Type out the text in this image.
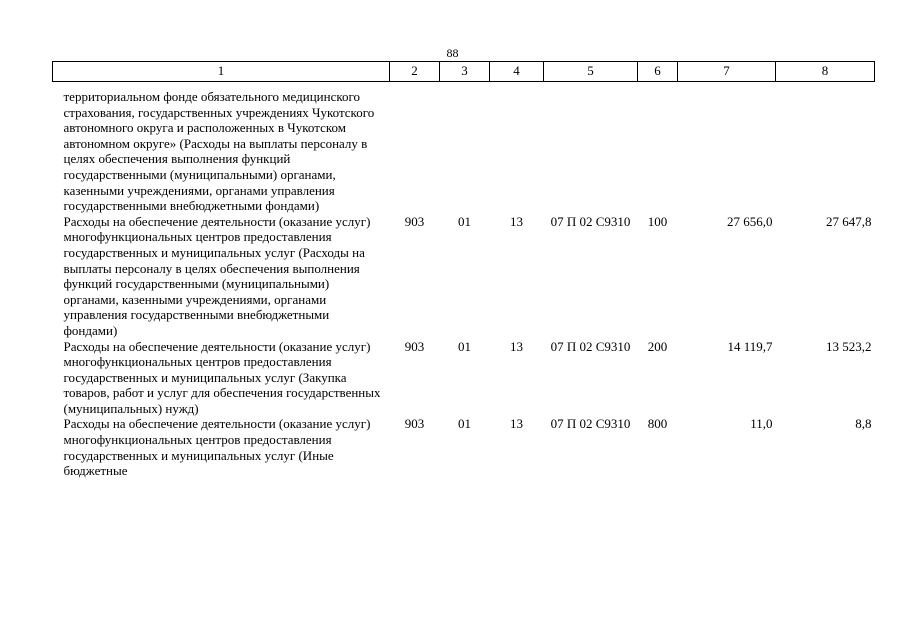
88
1	2	3	4	5	6	7	8
территориальном фонде обязательного медицинского страхования, государственных учреждениях Чукотского автономного округа и расположенных в Чукотском автономном округе» (Расходы на выплаты персоналу в целях обеспечения выполнения функций государственными (муниципальными) органами, казенными учреждениями, органами управления государственными внебюджетными фондами)							
Расходы на обеспечение деятельности (оказание услуг) многофункциональных центров предоставления государственных и муниципальных услуг (Расходы на выплаты персоналу в целях обеспечения выполнения функций государственными (муниципальными) органами, казенными учреждениями, органами управления государственными внебюджетными фондами)	903	01	13	07 П 02 С9310	100	27 656,0	27 647,8
Расходы на обеспечение деятельности (оказание услуг) многофункциональных центров предоставления государственных и муниципальных услуг (Закупка товаров, работ и услуг для обеспечения государственных (муниципальных) нужд)	903	01	13	07 П 02 С9310	200	14 119,7	13 523,2
Расходы на обеспечение деятельности (оказание услуг) многофункциональных центров предоставления государственных и муниципальных услуг (Иные бюджетные	903	01	13	07 П 02 С9310	800	11,0	8,8
